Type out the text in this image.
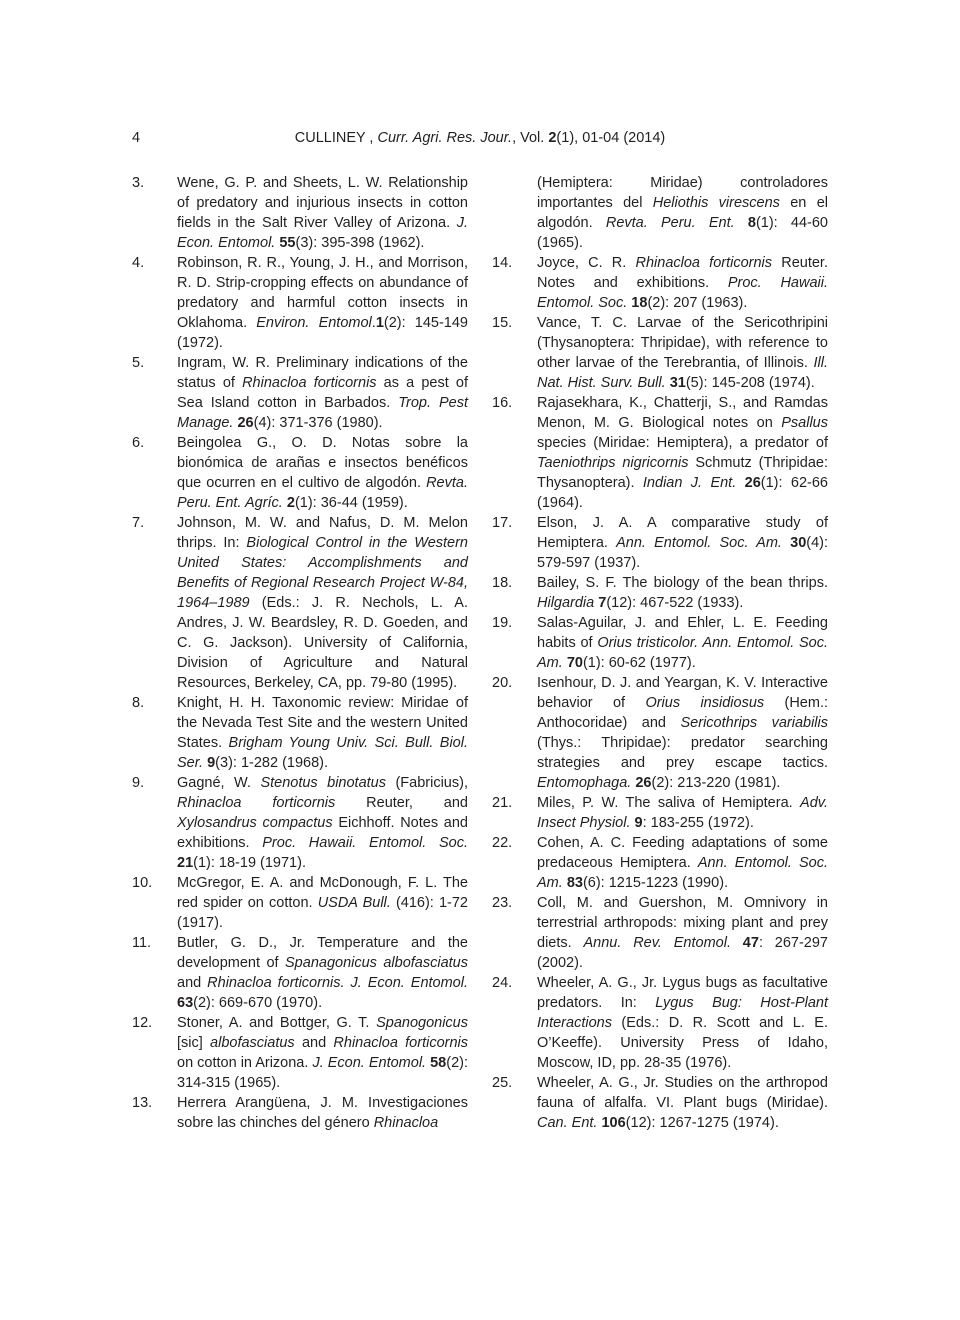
4	CULLINEY , Curr. Agri. Res. Jour., Vol. 2(1), 01-04 (2014)
3.	Wene, G. P. and Sheets, L. W. Relationship of predatory and injurious insects in cotton fields in the Salt River Valley of Arizona. J. Econ. Entomol. 55(3): 395-398 (1962).
4.	Robinson, R. R., Young, J. H., and Morrison, R. D. Strip-cropping effects on abundance of predatory and harmful cotton insects in Oklahoma. Environ. Entomol.1(2): 145-149 (1972).
5.	Ingram, W. R. Preliminary indications of the status of Rhinacloa forticornis as a pest of Sea Island cotton in Barbados. Trop. Pest Manage. 26(4): 371-376 (1980).
6.	Beingolea G., O. D. Notas sobre la bionómica de arañas e insectos benéficos que ocurren en el cultivo de algodón. Revta. Peru. Ent. Agríc. 2(1): 36-44 (1959).
7.	Johnson, M. W. and Nafus, D. M. Melon thrips. In: Biological Control in the Western United States: Accomplishments and Benefits of Regional Research Project W-84, 1964–1989 (Eds.: J. R. Nechols, L. A. Andres, J. W. Beardsley, R. D. Goeden, and C. G. Jackson). University of California, Division of Agriculture and Natural Resources, Berkeley, CA, pp. 79-80 (1995).
8.	Knight, H. H. Taxonomic review: Miridae of the Nevada Test Site and the western United States. Brigham Young Univ. Sci. Bull. Biol. Ser. 9(3): 1-282 (1968).
9.	Gagné, W. Stenotus binotatus (Fabricius), Rhinacloa forticornis Reuter, and Xylosandrus compactus Eichhoff. Notes and exhibitions. Proc. Hawaii. Entomol. Soc. 21(1): 18-19 (1971).
10.	McGregor, E. A. and McDonough, F. L. The red spider on cotton. USDA Bull. (416): 1-72 (1917).
11.	Butler, G. D., Jr. Temperature and the development of Spanagonicus albofasciatus and Rhinacloa forticornis. J. Econ. Entomol. 63(2): 669-670 (1970).
12.	Stoner, A. and Bottger, G. T. Spanogonicus [sic] albofasciatus and Rhinacloa forticornis on cotton in Arizona. J. Econ. Entomol. 58(2): 314-315 (1965).
13.	Herrera Arangüena, J. M. Investigaciones sobre las chinches del género Rhinacloa
(Hemiptera: Miridae) controladores importantes del Heliothis virescens en el algodón. Revta. Peru. Ent. 8(1): 44-60 (1965).
14.	Joyce, C. R. Rhinacloa forticornis Reuter. Notes and exhibitions. Proc. Hawaii. Entomol. Soc. 18(2): 207 (1963).
15.	Vance, T. C. Larvae of the Sericothripini (Thysanoptera: Thripidae), with reference to other larvae of the Terebrantia, of Illinois. Ill. Nat. Hist. Surv. Bull. 31(5): 145-208 (1974).
16.	Rajasekhara, K., Chatterji, S., and Ramdas Menon, M. G. Biological notes on Psallus species (Miridae: Hemiptera), a predator of Taeniothrips nigricornis Schmutz (Thripidae: Thysanoptera). Indian J. Ent. 26(1): 62-66 (1964).
17.	Elson, J. A. A comparative study of Hemiptera. Ann. Entomol. Soc. Am. 30(4): 579-597 (1937).
18.	Bailey, S. F. The biology of the bean thrips. Hilgardia 7(12): 467-522 (1933).
19.	Salas-Aguilar, J. and Ehler, L. E. Feeding habits of Orius tristicolor. Ann. Entomol. Soc. Am. 70(1): 60-62 (1977).
20.	Isenhour, D. J. and Yeargan, K. V. Interactive behavior of Orius insidiosus (Hem.: Anthocoridae) and Sericothrips variabilis (Thys.: Thripidae): predator searching strategies and prey escape tactics. Entomophaga. 26(2): 213-220 (1981).
21.	Miles, P. W. The saliva of Hemiptera. Adv. Insect Physiol. 9: 183-255 (1972).
22.	Cohen, A. C. Feeding adaptations of some predaceous Hemiptera. Ann. Entomol. Soc. Am. 83(6): 1215-1223 (1990).
23.	Coll, M. and Guershon, M. Omnivory in terrestrial arthropods: mixing plant and prey diets. Annu. Rev. Entomol. 47: 267-297 (2002).
24.	Wheeler, A. G., Jr. Lygus bugs as facultative predators. In: Lygus Bug: Host-Plant Interactions (Eds.: D. R. Scott and L. E. O’Keeffe). University Press of Idaho, Moscow, ID, pp. 28-35 (1976).
25.	Wheeler, A. G., Jr. Studies on the arthropod fauna of alfalfa. VI. Plant bugs (Miridae). Can. Ent. 106(12): 1267-1275 (1974).
